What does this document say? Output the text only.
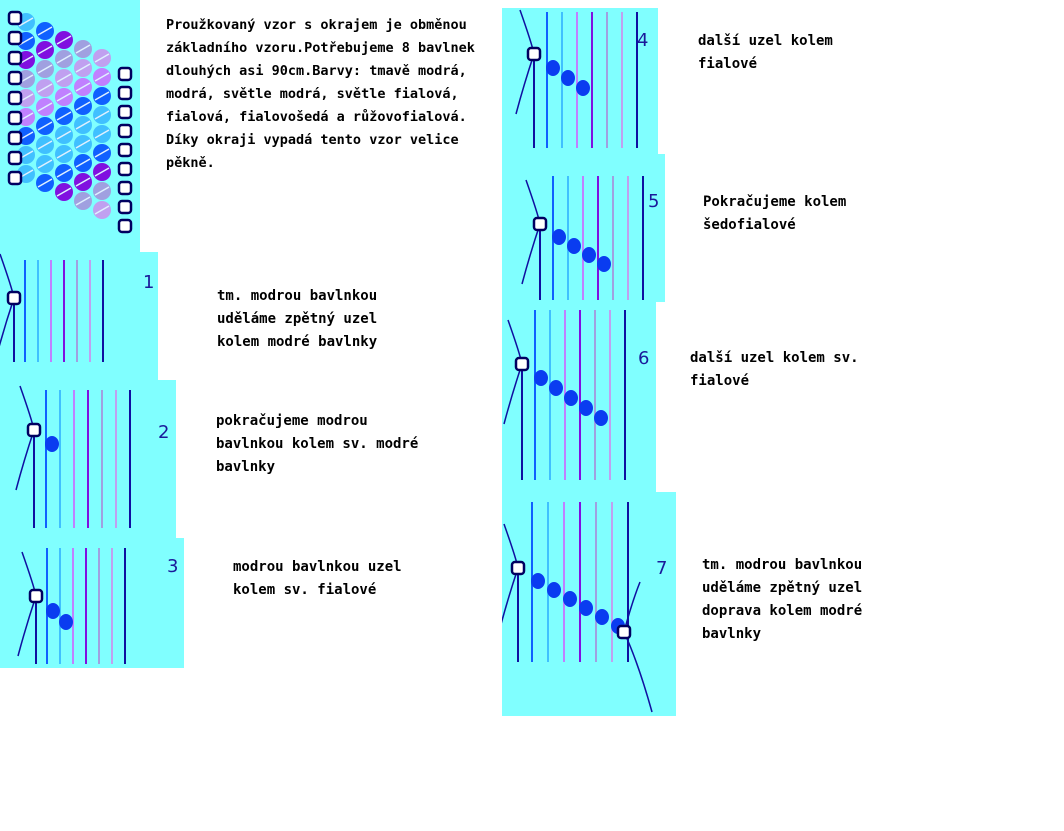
Proužkovaný vzor s okrajem je obměnou
základního vzoru.Potřebujeme 8 bavlnek
dlouhých asi 90cm.Barvy: tmavě modrá,
modrá, světle modrá, světle fialová,
fialová, fialovošedá a růžovofialová.
Díky okraji vypadá tento vzor velice
pěkně.
1
tm. modrou bavlnkou
uděláme zpětný uzel
kolem modré bavlnky
2
pokračujeme modrou
bavlnkou kolem sv. modré
bavlnky
3	modrou bavlnkou uzel
kolem sv. fialové
4	další uzel kolem
fialové
5	Pokračujeme kolem
šedofialové
6	další uzel kolem sv.
fialové
7 tm. modrou bavlnkou
uděláme zpětný uzel
doprava kolem modré
bavlnky
